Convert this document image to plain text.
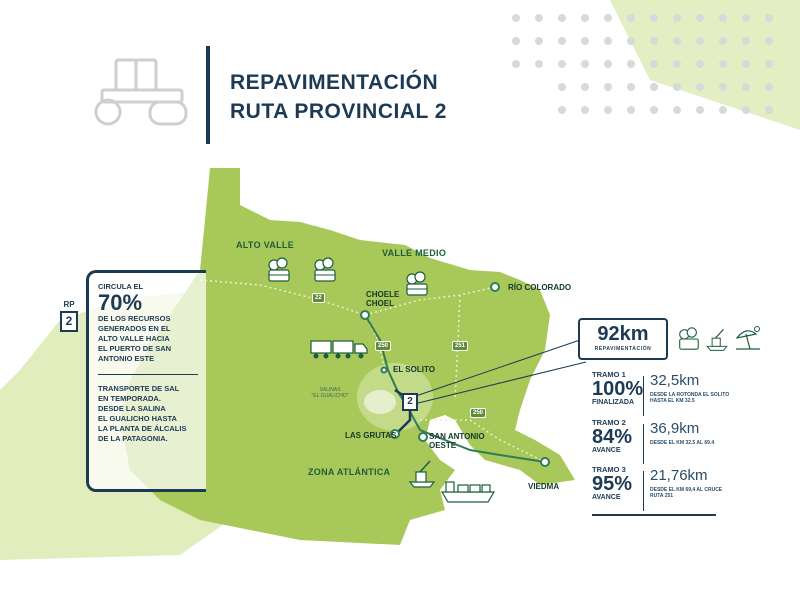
REPAVIMENTACIÓN
RUTA PROVINCIAL 2
22
250	251
250
2
ALTO VALLE
VALLE MEDIO
ZONA ATLÁNTICA
CHOELE
CHOEL
RÍO COLORADO
EL SOLITO
LAS GRUTAS	SAN ANTONIO
OESTE
VIEDMA
SALINAS
"EL GUALICHO"
RP
2
CIRCULA EL
70%
DE LOS RECURSOS
GENERADOS EN EL
ALTO VALLE HACIA
EL PUERTO DE SAN
ANTONIO ESTE
TRANSPORTE DE SAL
EN TEMPORADA.
DESDE LA SALINA
EL GUALICHO HASTA
LA PLANTA DE ÁLCALIS
DE LA PATAGONIA.
92km
REPAVIMENTACIÓN
TRAMO 1
100%
FINALIZADA
32,5km
DESDE LA ROTONDA EL SOLITO HASTA EL KM 32.5
TRAMO 2
84%
AVANCE
36,9km
DESDE EL KM 32.5 AL 69.4
TRAMO 3
95%
AVANCE
21,76km
DESDE EL KM 69,4 AL CRUCE RUTA 251
